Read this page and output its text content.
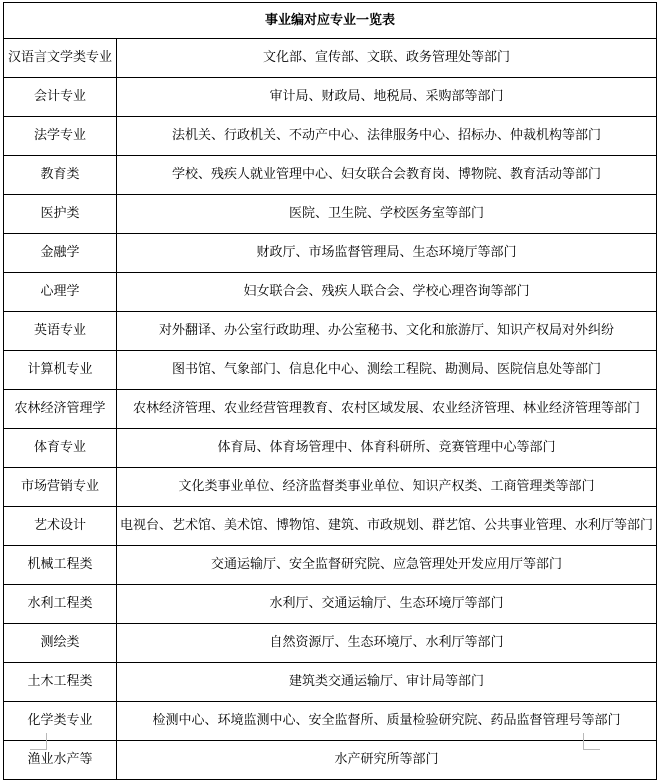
事业编对应专业一览表	
汉语言文学类专业	文化部、宣传部、文联、政务管理处等部门
会计专业	审计局、财政局、地税局、采购部等部门
法学专业	法机关、行政机关、不动产中心、法律服务中心、招标办、仲裁机构等部门
教育类	学校、残疾人就业管理中心、妇女联合会教育岗、博物院、教育活动等部门
医护类	医院、卫生院、学校医务室等部门
金融学	财政厅、市场监督管理局、生态环境厅等部门
心理学	妇女联合会、残疾人联合会、学校心理咨询等部门
英语专业	对外翻译、办公室行政助理、办公室秘书、文化和旅游厅、知识产权局对外纠纷
计算机专业	图书馆、气象部门、信息化中心、测绘工程院、勘测局、医院信息处等部门
农林经济管理学	农林经济管理、农业经营管理教育、农村区域发展、农业经济管理、林业经济管理等部门
体育专业	体育局、体育场管理中、体育科研所、竞赛管理中心等部门
市场营销专业	文化类事业单位、经济监督类事业单位、知识产权类、工商管理类等部门
艺术设计	电视台、艺术馆、美术馆、博物馆、建筑、市政规划、群艺馆、公共事业管理、水利厅等部门
机械工程类	交通运输厅、安全监督研究院、应急管理处开发应用厅等部门
水利工程类	水利厅、交通运输厅、生态环境厅等部门
测绘类	自然资源厅、生态环境厅、水利厅等部门
土木工程类	建筑类交通运输厅、审计局等部门
化学类专业	检测中心、环境监测中心、安全监督所、质量检验研究院、药品监督管理号等部门
渔业水产等	水产研究所等部门
